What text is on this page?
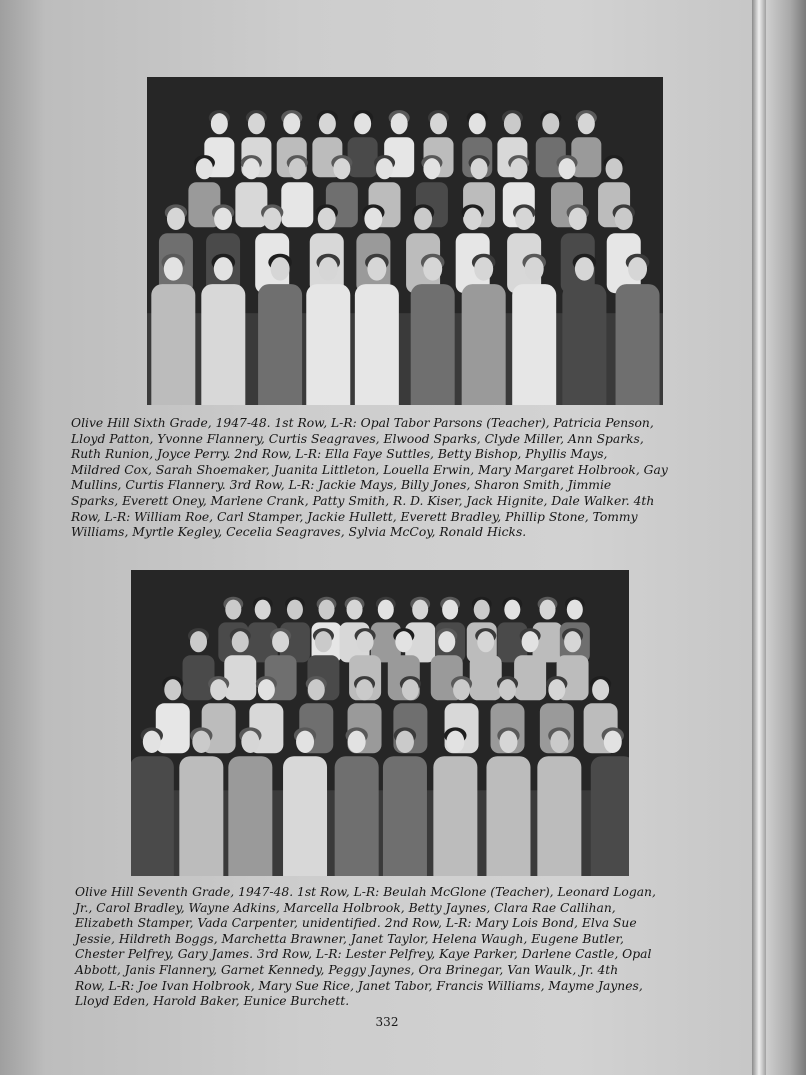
Olive Hill Sixth Grade, 1947-48. 1st Row, L-R: Opal Tabor Parsons (Teacher), Patricia Penson,
Lloyd Patton, Yvonne Flannery, Curtis Seagraves, Elwood Sparks, Clyde Miller, Ann Sparks,
Ruth Runion, Joyce Perry. 2nd Row, L-R: Ella Faye Suttles, Betty Bishop, Phyllis Mays,
Mildred Cox, Sarah Shoemaker, Juanita Littleton, Louella Erwin, Mary Margaret Holbrook, Gay
Mullins, Curtis Flannery. 3rd Row, L-R: Jackie Mays, Billy Jones, Sharon Smith, Jimmie
Sparks, Everett Oney, Marlene Crank, Patty Smith, R. D. Kiser, Jack Hignite, Dale Walker. 4th
Row, L-R: William Roe, Carl Stamper, Jackie Hullett, Everett Bradley, Phillip Stone, Tommy
Williams, Myrtle Kegley, Cecelia Seagraves, Sylvia McCoy, Ronald Hicks.

Olive Hill Seventh Grade, 1947-48. 1st Row, L-R: Beulah McGlone (Teacher), Leonard Logan,
Jr., Carol Bradley, Wayne Adkins, Marcella Holbrook, Betty Jaynes, Clara Rae Callihan,
Elizabeth Stamper, Vada Carpenter, unidentified. 2nd Row, L-R: Mary Lois Bond, Elva Sue
Jessie, Hildreth Boggs, Marchetta Brawner, Janet Taylor, Helena Waugh, Eugene Butler,
Chester Pelfrey, Gary James. 3rd Row, L-R: Lester Pelfrey, Kaye Parker, Darlene Castle, Opal
Abbott, Janis Flannery, Garnet Kennedy, Peggy Jaynes, Ora Brinegar, Van Waulk, Jr. 4th
Row, L-R: Joe Ivan Holbrook, Mary Sue Rice, Janet Tabor, Francis Williams, Mayme Jaynes,
Lloyd Eden, Harold Baker, Eunice Burchett.

332
